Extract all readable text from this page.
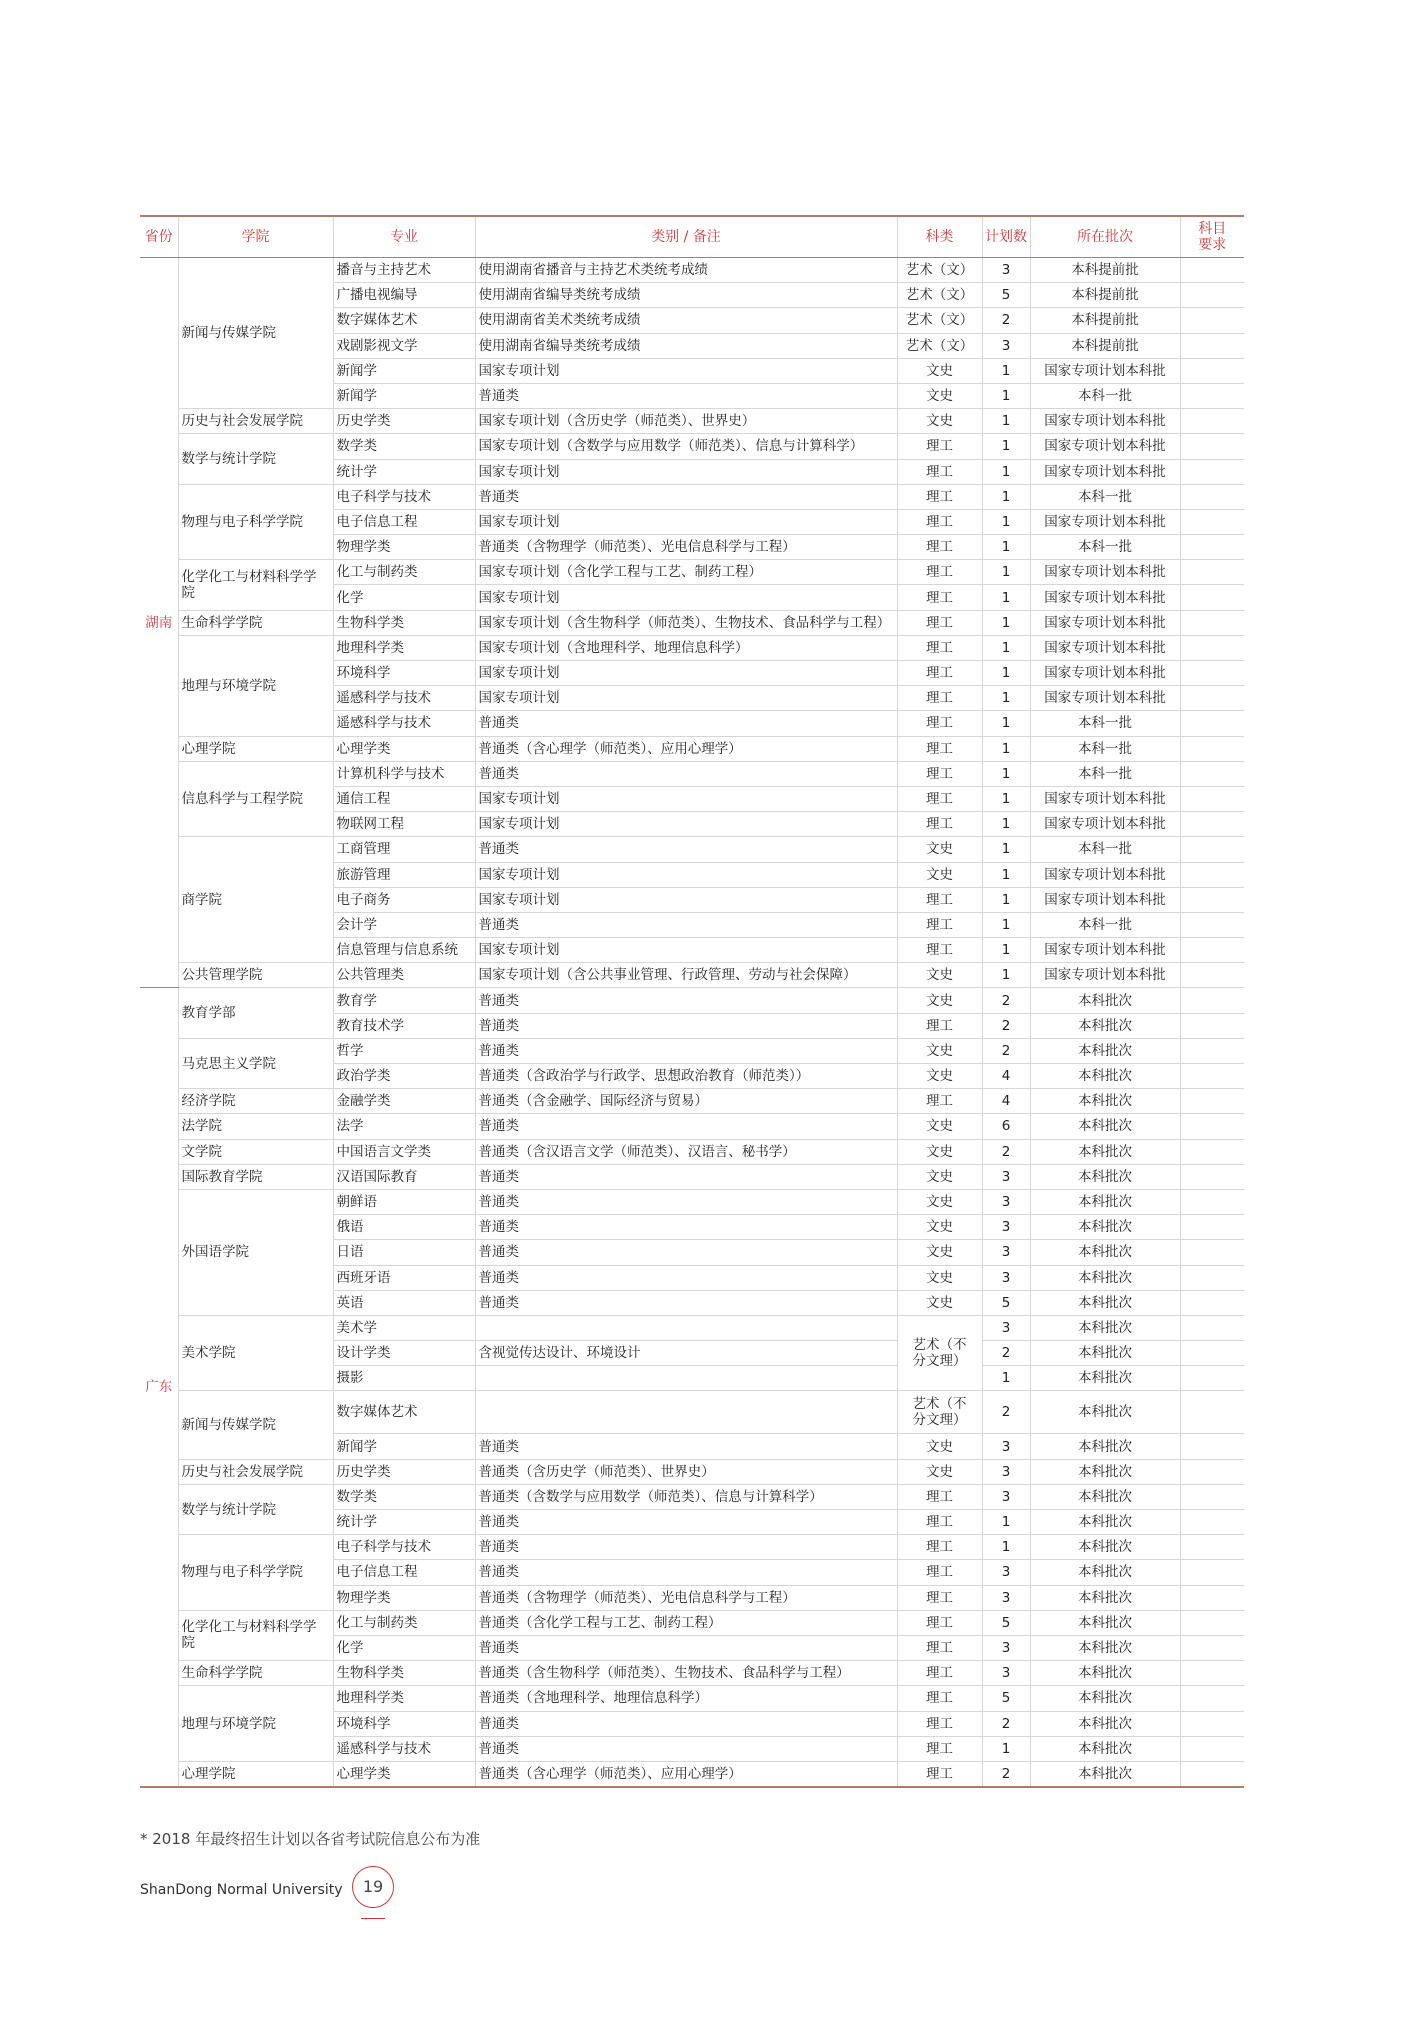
省份	学院	专业	类别 / 备注	科类	计划数	所在批次	科目要求
湖南	新闻与传媒学院	播音与主持艺术	使用湖南省播音与主持艺术类统考成绩	艺术（文）	3	本科提前批	
		广播电视编导	使用湖南省编导类统考成绩	艺术（文）	5	本科提前批	
		数字媒体艺术	使用湖南省美术类统考成绩	艺术（文）	2	本科提前批	
		戏剧影视文学	使用湖南省编导类统考成绩	艺术（文）	3	本科提前批	
		新闻学	国家专项计划	文史	1	国家专项计划本科批	
		新闻学	普通类	文史	1	本科一批	
	历史与社会发展学院	历史学类	国家专项计划（含历史学（师范类）、世界史）	文史	1	国家专项计划本科批	
	数学与统计学院	数学类	国家专项计划（含数学与应用数学（师范类）、信息与计算科学）	理工	1	国家专项计划本科批	
		统计学	国家专项计划	理工	1	国家专项计划本科批	
	物理与电子科学学院	电子科学与技术	普通类	理工	1	本科一批	
		电子信息工程	国家专项计划	理工	1	国家专项计划本科批	
		物理学类	普通类（含物理学（师范类）、光电信息科学与工程）	理工	1	本科一批	
	化学化工与材料科学学院	化工与制药类	国家专项计划（含化学工程与工艺、制药工程）	理工	1	国家专项计划本科批	
		化学	国家专项计划	理工	1	国家专项计划本科批	
	生命科学学院	生物科学类	国家专项计划（含生物科学（师范类）、生物技术、食品科学与工程）	理工	1	国家专项计划本科批	
	地理与环境学院	地理科学类	国家专项计划（含地理科学、地理信息科学）	理工	1	国家专项计划本科批	
		环境科学	国家专项计划	理工	1	国家专项计划本科批	
		遥感科学与技术	国家专项计划	理工	1	国家专项计划本科批	
		遥感科学与技术	普通类	理工	1	本科一批	
	心理学院	心理学类	普通类（含心理学（师范类）、应用心理学）	理工	1	本科一批	
	信息科学与工程学院	计算机科学与技术	普通类	理工	1	本科一批	
		通信工程	国家专项计划	理工	1	国家专项计划本科批	
		物联网工程	国家专项计划	理工	1	国家专项计划本科批	
	商学院	工商管理	普通类	文史	1	本科一批	
		旅游管理	国家专项计划	文史	1	国家专项计划本科批	
		电子商务	国家专项计划	理工	1	国家专项计划本科批	
		会计学	普通类	理工	1	本科一批	
		信息管理与信息系统	国家专项计划	理工	1	国家专项计划本科批	
	公共管理学院	公共管理类	国家专项计划（含公共事业管理、行政管理、劳动与社会保障）	文史	1	国家专项计划本科批	
广东	教育学部	教育学	普通类	文史	2	本科批次	
		教育技术学	普通类	理工	2	本科批次	
	马克思主义学院	哲学	普通类	文史	2	本科批次	
		政治学类	普通类（含政治学与行政学、思想政治教育（师范类））	文史	4	本科批次	
	经济学院	金融学类	普通类（含金融学、国际经济与贸易）	理工	4	本科批次	
	法学院	法学	普通类	文史	6	本科批次	
	文学院	中国语言文学类	普通类（含汉语言文学（师范类）、汉语言、秘书学）	文史	2	本科批次	
	国际教育学院	汉语国际教育	普通类	文史	3	本科批次	
	外国语学院	朝鲜语	普通类	文史	3	本科批次	
		俄语	普通类	文史	3	本科批次	
		日语	普通类	文史	3	本科批次	
		西班牙语	普通类	文史	3	本科批次	
		英语	普通类	文史	5	本科批次	
	美术学院	美术学		艺术（不分文理）	3	本科批次	
		设计学类	含视觉传达设计、环境设计		2	本科批次	
		摄影			1	本科批次	
	新闻与传媒学院	数字媒体艺术		艺术（不分文理）	2	本科批次	
		新闻学	普通类	文史	3	本科批次	
	历史与社会发展学院	历史学类	普通类（含历史学（师范类）、世界史）	文史	3	本科批次	
	数学与统计学院	数学类	普通类（含数学与应用数学（师范类）、信息与计算科学）	理工	3	本科批次	
		统计学	普通类	理工	1	本科批次	
	物理与电子科学学院	电子科学与技术	普通类	理工	1	本科批次	
		电子信息工程	普通类	理工	3	本科批次	
		物理学类	普通类（含物理学（师范类）、光电信息科学与工程）	理工	3	本科批次	
	化学化工与材料科学学院	化工与制药类	普通类（含化学工程与工艺、制药工程）	理工	5	本科批次	
		化学	普通类	理工	3	本科批次	
	生命科学学院	生物科学类	普通类（含生物科学（师范类）、生物技术、食品科学与工程）	理工	3	本科批次	
	地理与环境学院	地理科学类	普通类（含地理科学、地理信息科学）	理工	5	本科批次	
		环境科学	普通类	理工	2	本科批次	
		遥感科学与技术	普通类	理工	1	本科批次	
	心理学院	心理学类	普通类（含心理学（师范类）、应用心理学）	理工	2	本科批次	
* 2018 年最终招生计划以各省考试院信息公布为准
ShanDong Normal University	19
